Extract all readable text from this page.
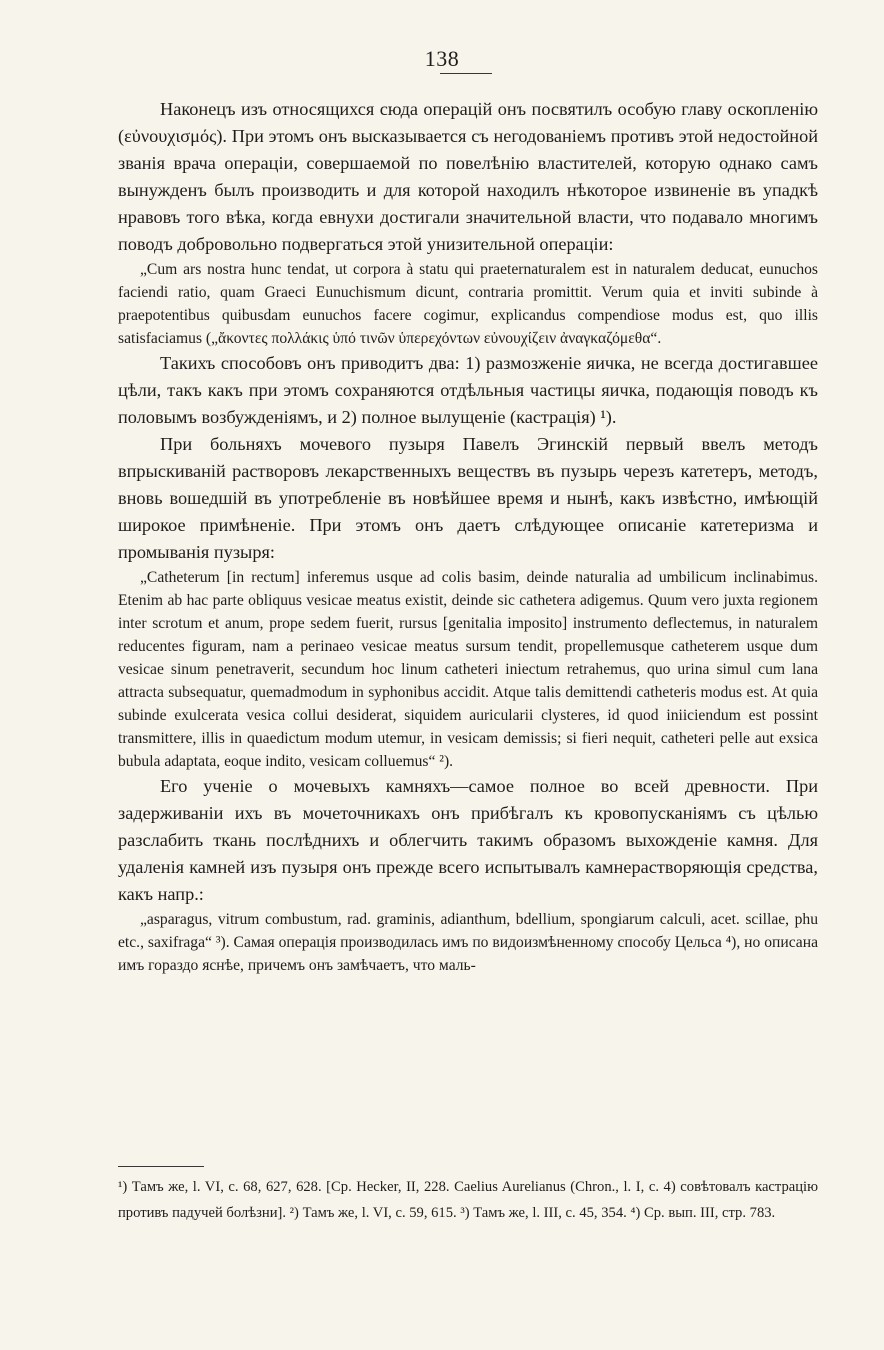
138

Наконецъ изъ относящихся сюда операцій онъ посвятилъ особую главу оскопленію (εὐνουχισμός). При этомъ онъ высказывается съ негодованіемъ противъ этой недостойной званія врача операціи, совершаемой по повелѣнію властителей, которую однако самъ вынужденъ былъ производить и для которой находилъ нѣкоторое извиненіе въ упадкѣ нравовъ того вѣка, когда евнухи достигали значительной власти, что подавало многимъ поводъ добровольно подвергаться этой унизительной операціи:

„Cum ars nostra hunc tendat, ut corpora à statu qui praeternaturalem est in naturalem deducat, eunuchos faciendi ratio, quam Graeci Eunuchismum dicunt, contraria promittit. Verum quia et inviti subinde à praepotentibus quibusdam eunuchos facere cogimur, explicandus compendiose modus est, quo illis satisfaciamus („ἄκοντες πολλάκις ὑπό τινῶν ὑπερεχόντων εὐνουχίζειν ἀναγκαζόμεθα“.

Такихъ способовъ онъ приводитъ два: 1) размозженіе яичка, не всегда достигавшее цѣли, такъ какъ при этомъ сохраняются отдѣльныя частицы яичка, подающія поводъ къ половымъ возбужденіямъ, и 2) полное вылущеніе (кастрація) ¹).

При больняхъ мочевого пузыря Павелъ Эгинскій первый ввелъ методъ впрыскиваній растворовъ лекарственныхъ веществъ въ пузырь черезъ катетеръ, методъ, вновь вошедшій въ употребленіе въ новѣйшее время и нынѣ, какъ извѣстно, имѣющій широкое примѣненіе. При этомъ онъ даетъ слѣдующее описаніе катетеризма и промыванія пузыря:

„Catheterum [in rectum] inferemus usque ad colis basim, deinde naturalia ad umbilicum inclinabimus. Etenim ab hac parte obliquus vesicae meatus existit, deinde sic cathetera adigemus. Quum vero juxta regionem inter scrotum et anum, prope sedem fuerit, rursus [genitalia imposito] instrumento deflectemus, in naturalem reducentes figuram, nam a perinaeo vesicae meatus sursum tendit, propellemusque catheterem usque dum vesicae sinum penetraverit, secundum hoc linum catheteri iniectum retrahemus, quo urina simul cum lana attracta subsequatur, quemadmodum in syphonibus accidit. Atque talis demittendi catheteris modus est. At quia subinde exulcerata vesica collui desiderat, siquidem auricularii clysteres, id quod iniiciendum est possint transmittere, illis in quaedictum modum utemur, in vesicam demissis; si fieri nequit, catheteri pelle aut exsica bubula adaptata, eoque indito, vesicam colluemus“ ²).

Его ученіе о мочевыхъ камняхъ—самое полное во всей древности. При задерживаніи ихъ въ мочеточникахъ онъ прибѣгалъ къ кровопусканіямъ съ цѣлью разслабить ткань послѣднихъ и облегчить такимъ образомъ выхожденіе камня. Для удаленія камней изъ пузыря онъ прежде всего испытывалъ камнерастворяющія средства, какъ напр.:

„asparagus, vitrum combustum, rad. graminis, adianthum, bdellium, spongiarum calculi, acet. scillae, phu etc., saxifraga“ ³). Самая операція производилась имъ по видоизмѣненному способу Цельса ⁴), но описана имъ гораздо яснѣе, причемъ онъ замѣчаетъ, что маль-

¹) Тамъ же, l. VI, c. 68, 627, 628. [Ср. Hecker, II, 228. Caelius Aurelianus (Chron., l. I, c. 4) совѣтовалъ кастрацію противъ падучей болѣзни]. ²) Тамъ же, l. VI, c. 59, 615. ³) Тамъ же, l. III, c. 45, 354. ⁴) Ср. вып. III, стр. 783.
